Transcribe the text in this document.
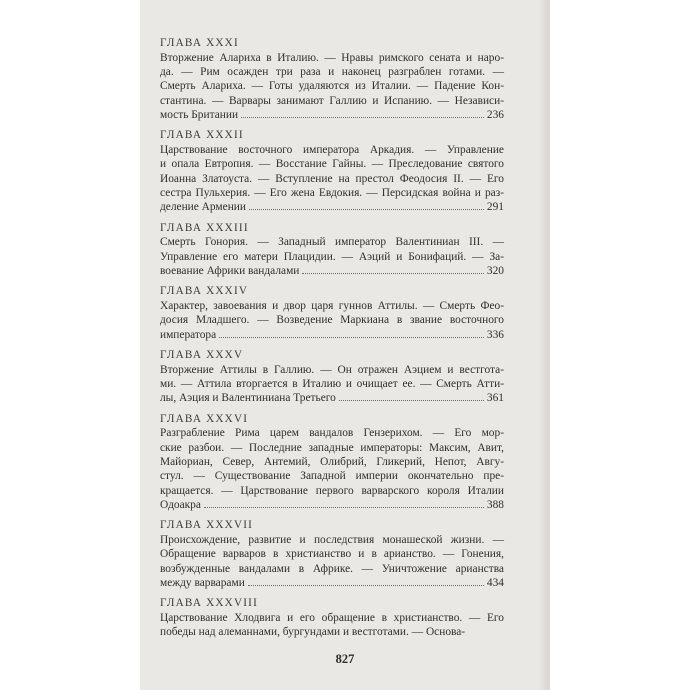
ГЛАВА XXXI
Вторжение Алариха в Италию. — Нравы римского сената и наро-
да. — Рим осажден три раза и наконец разграблен готами. —
Смерть Алариха. — Готы удаляются из Италии. — Падение Кон-
стантина. — Варвары занимают Галлию и Испанию. — Независи-
мость Британии	236
ГЛАВА XXXII
Царствование восточного императора Аркадия. — Управление
и опала Евтропия. — Восстание Гайны. — Преследование святого
Иоанна Златоуста. — Вступление на престол Феодосия II. — Его
сестра Пульхерия. — Его жена Евдокия. — Персидская война и раз-
деление Армении	291
ГЛАВА XXXIII
Смерть Гонория. — Западный император Валентиниан III. —
Управление его матери Плацидии. — Аэций и Бонифаций. — За-
воевание Африки вандалами	320
ГЛАВА XXXIV
Характер, завоевания и двор царя гуннов Аттилы. — Смерть Фео-
досия Младшего. — Возведение Маркиана в звание восточного
императора	336
ГЛАВА XXXV
Вторжение Аттилы в Галлию. — Он отражен Аэцием и вестгота-
ми. — Аттила вторгается в Италию и очищает ее. — Смерть Атти-
лы, Аэция и Валентиниана Третьего	361
ГЛАВА XXXVI
Разграбление Рима царем вандалов Гензерихом. — Его мор-
ские разбои. — Последние западные императоры: Максим, Авит,
Майориан, Север, Антемий, Олибрий, Гликерий, Непот, Авгу-
стул. — Существование Западной империи окончательно пре-
кращается. — Царствование первого варварского короля Италии
Одоакра	388
ГЛАВА XXXVII
Происхождение, развитие и последствия монашеской жизни. —
Обращение варваров в христианство и в арианство. — Гонения,
возбужденные вандалами в Африке. — Уничтожение арианства
между варварами	434
ГЛАВА XXXVIII
Царствование Хлодвига и его обращение в христианство. — Его
победы над алеманнами, бургундами и вестготами. — Основа-
827
